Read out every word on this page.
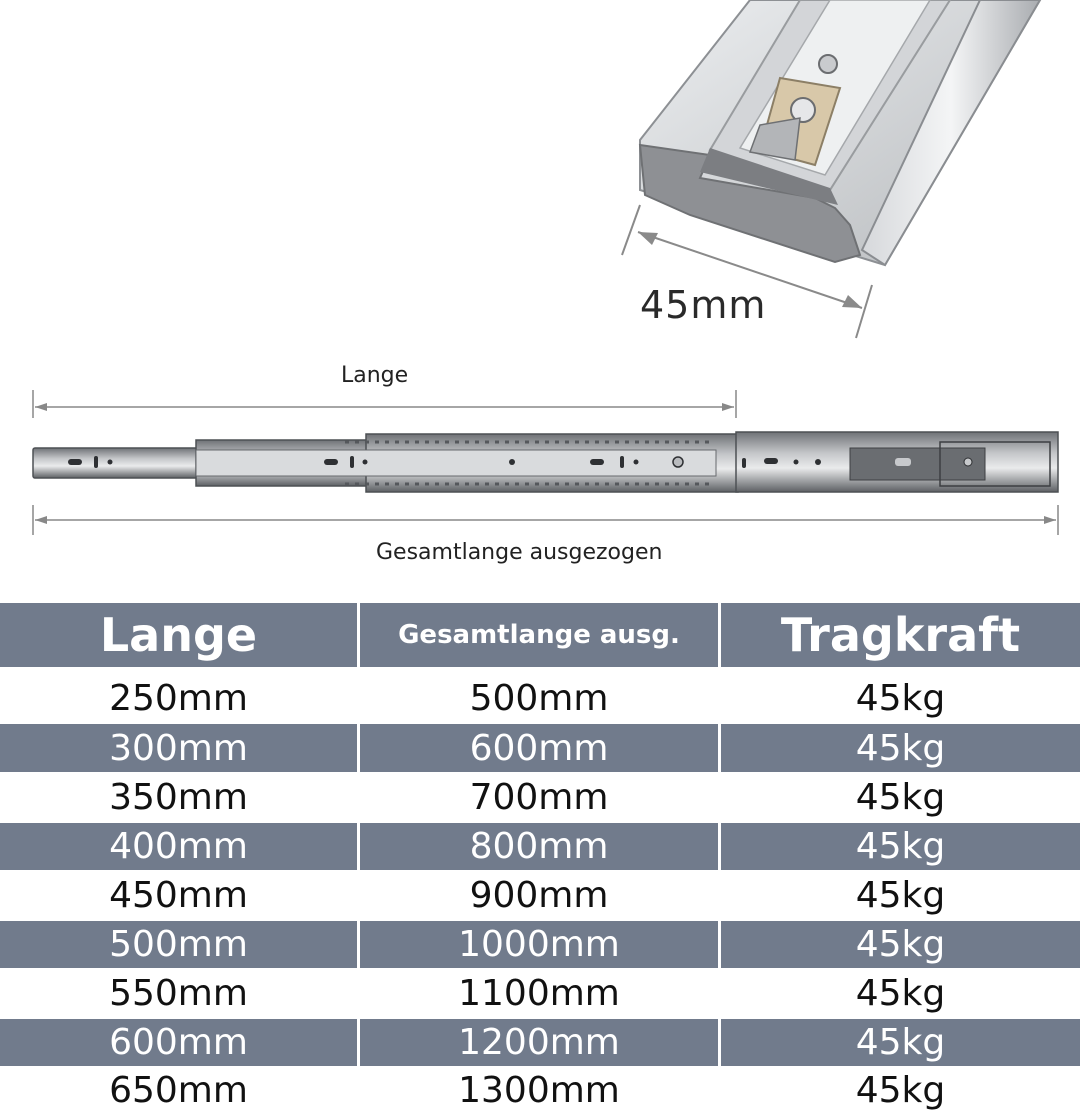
45mm
Lange
Gesamtlange ausgezogen
Lange	Gesamtlange ausg.	Tragkraft
250mm	500mm	45kg
300mm	600mm	45kg
350mm	700mm	45kg
400mm	800mm	45kg
450mm	900mm	45kg
500mm	1000mm	45kg
550mm	1100mm	45kg
600mm	1200mm	45kg
650mm	1300mm	45kg
